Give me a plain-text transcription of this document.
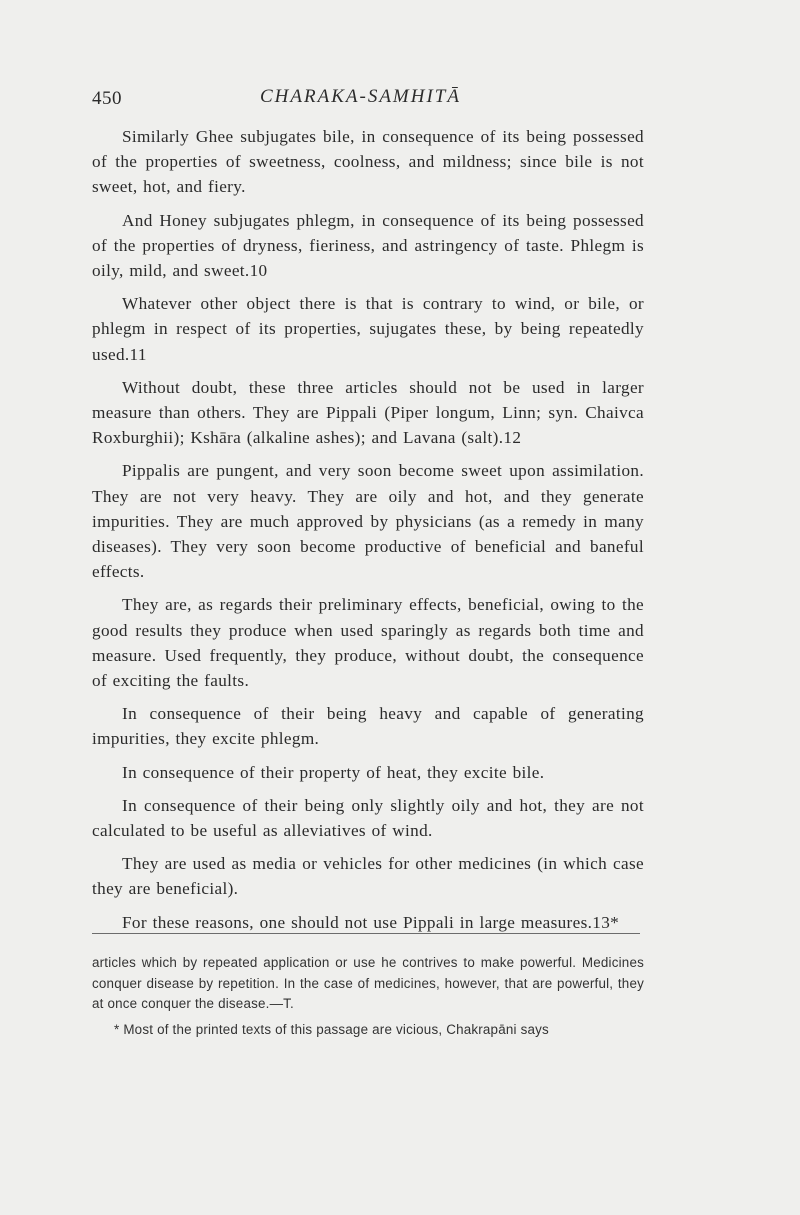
450	CHARAKA-SAMHITĀ

Similarly Ghee subjugates bile, in consequence of its being possessed of the properties of sweetness, coolness, and mildness; since bile is not sweet, hot, and fiery.

And Honey subjugates phlegm, in consequence of its being possessed of the properties of dryness, fieriness, and astringency of taste. Phlegm is oily, mild, and sweet.10

Whatever other object there is that is contrary to wind, or bile, or phlegm in respect of its properties, sujugates these, by being repeatedly used.11

Without doubt, these three articles should not be used in larger measure than others. They are Pippali (Piper longum, Linn; syn. Chaivca Roxburghii); Kshāra (alkaline ashes); and Lavana (salt).12

Pippalis are pungent, and very soon become sweet upon assimilation. They are not very heavy. They are oily and hot, and they generate impurities. They are much approved by physicians (as a remedy in many diseases). They very soon become productive of beneficial and baneful effects.

They are, as regards their preliminary effects, beneficial, owing to the good results they produce when used sparingly as regards both time and measure. Used frequently, they produce, without doubt, the consequence of exciting the faults.

In consequence of their being heavy and capable of generating impurities, they excite phlegm.

In consequence of their property of heat, they excite bile.

In consequence of their being only slightly oily and hot, they are not calculated to be useful as alleviatives of wind.

They are used as media or vehicles for other medicines (in which case they are beneficial).

For these reasons, one should not use Pippali in large measures.13*

articles which by repeated application or use he contrives to make powerful. Medicines conquer disease by repetition. In the case of medicines, however, that are powerful, they at once conquer the disease.—T.

* Most of the printed texts of this passage are vicious, Chakrapāni says
